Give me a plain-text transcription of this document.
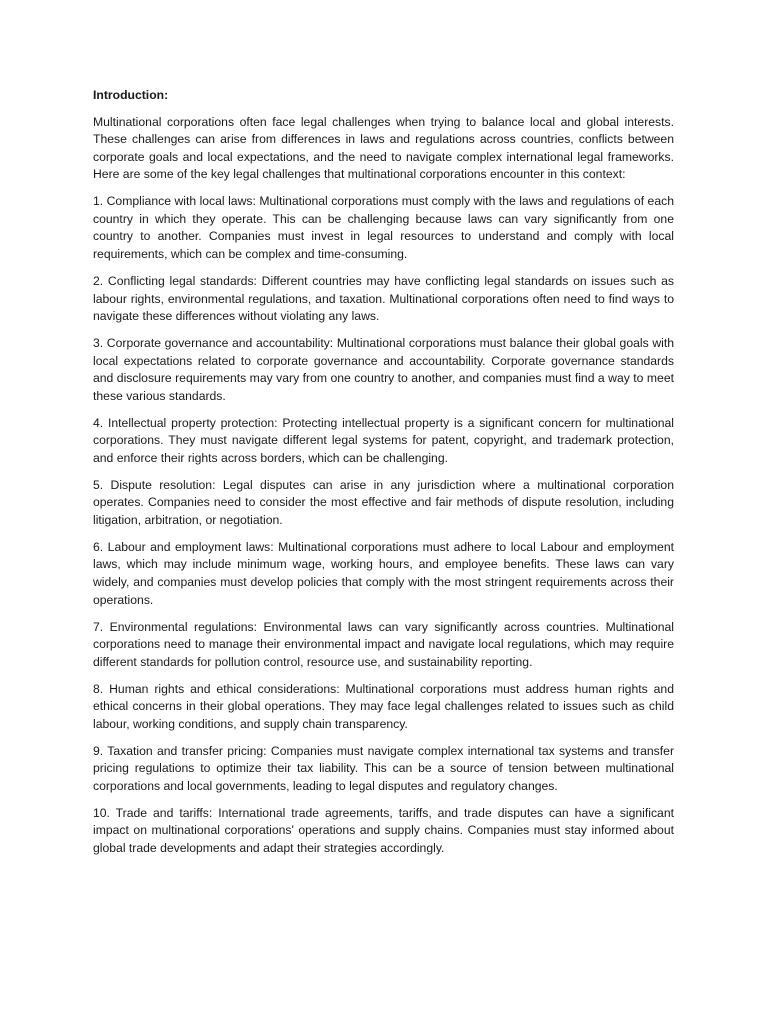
Introduction:

Multinational corporations often face legal challenges when trying to balance local and global interests. These challenges can arise from differences in laws and regulations across countries, conflicts between corporate goals and local expectations, and the need to navigate complex international legal frameworks. Here are some of the key legal challenges that multinational corporations encounter in this context:

1. Compliance with local laws: Multinational corporations must comply with the laws and regulations of each country in which they operate. This can be challenging because laws can vary significantly from one country to another. Companies must invest in legal resources to understand and comply with local requirements, which can be complex and time-consuming.

2. Conflicting legal standards: Different countries may have conflicting legal standards on issues such as labour rights, environmental regulations, and taxation. Multinational corporations often need to find ways to navigate these differences without violating any laws.

3. Corporate governance and accountability: Multinational corporations must balance their global goals with local expectations related to corporate governance and accountability. Corporate governance standards and disclosure requirements may vary from one country to another, and companies must find a way to meet these various standards.

4. Intellectual property protection: Protecting intellectual property is a significant concern for multinational corporations. They must navigate different legal systems for patent, copyright, and trademark protection, and enforce their rights across borders, which can be challenging.

5. Dispute resolution: Legal disputes can arise in any jurisdiction where a multinational corporation operates. Companies need to consider the most effective and fair methods of dispute resolution, including litigation, arbitration, or negotiation.

6. Labour and employment laws: Multinational corporations must adhere to local Labour and employment laws, which may include minimum wage, working hours, and employee benefits. These laws can vary widely, and companies must develop policies that comply with the most stringent requirements across their operations.

7. Environmental regulations: Environmental laws can vary significantly across countries. Multinational corporations need to manage their environmental impact and navigate local regulations, which may require different standards for pollution control, resource use, and sustainability reporting.

8. Human rights and ethical considerations: Multinational corporations must address human rights and ethical concerns in their global operations. They may face legal challenges related to issues such as child labour, working conditions, and supply chain transparency.

9. Taxation and transfer pricing: Companies must navigate complex international tax systems and transfer pricing regulations to optimize their tax liability. This can be a source of tension between multinational corporations and local governments, leading to legal disputes and regulatory changes.

10. Trade and tariffs: International trade agreements, tariffs, and trade disputes can have a significant impact on multinational corporations' operations and supply chains. Companies must stay informed about global trade developments and adapt their strategies accordingly.
